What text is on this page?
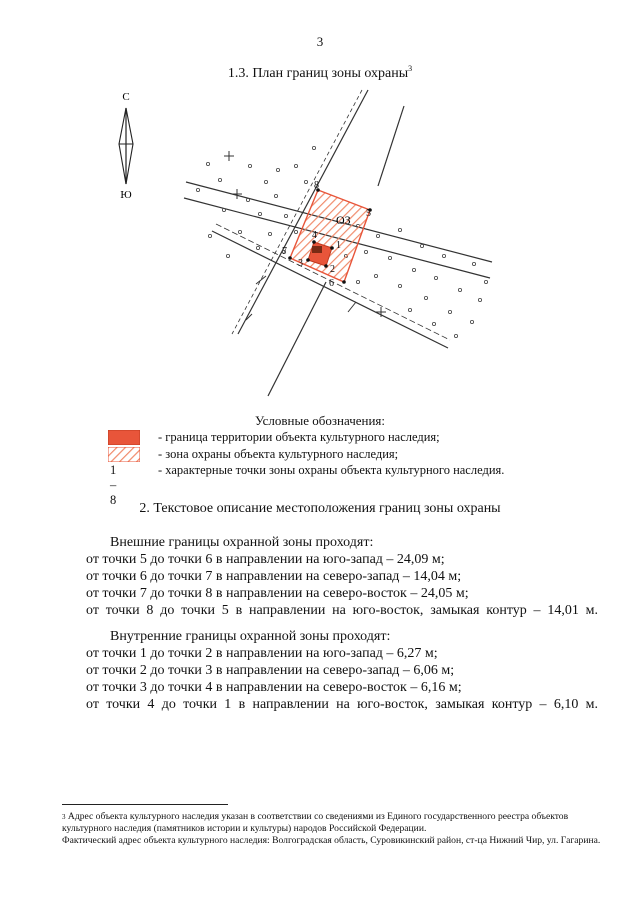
3
1.3. План границ зоны охраны$^3$
С
Ю
ОЗ
1
2
3
4
5
6
7
8
Условные обозначения:
- граница территории объекта культурного наследия;
- зона охраны объекта культурного наследия;
1 – 8
- характерные точки зоны охраны объекта культурного наследия.
2. Текстовое описание местоположения границ зоны охраны
Внешние границы охранной зоны проходят:
от точки 5 до точки 6 в направлении на юго-запад – 24,09 м;
от точки 6 до точки 7 в направлении на северо-запад – 14,04 м;
от точки 7 до точки 8 в направлении на северо-восток – 24,05 м;
от точки 8 до точки 5 в направлении на юго-восток, замыкая контур – 14,01 м.
Внутренние границы охранной зоны проходят:
от точки 1 до точки 2 в направлении на юго-запад – 6,27 м;
от точки 2 до точки 3 в направлении на северо-запад – 6,06 м;
от точки 3 до точки 4 в направлении на северо-восток – 6,16 м;
от точки 4 до точки 1 в направлении на юго-восток, замыкая контур – 6,10 м.
$^3$ Адрес объекта культурного наследия указан в соответствии со сведениями из Единого государственного реестра объектов культурного наследия (памятников истории и культуры) народов Российской Федерации.
Фактический адрес объекта культурного наследия: Волгоградская область, Суровикинский район, ст-ца Нижний Чир, ул. Гагарина.
